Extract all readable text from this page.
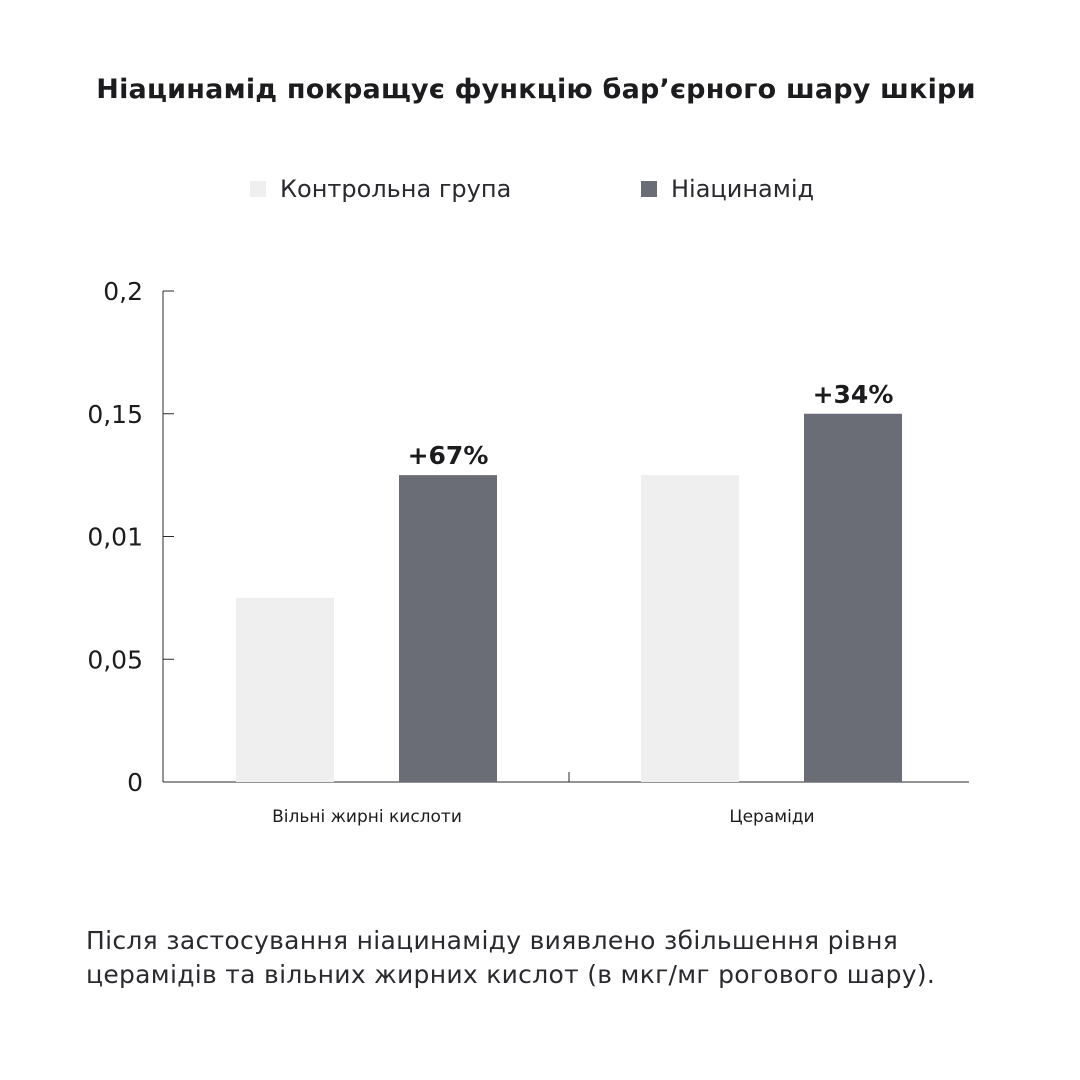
Ніацинамід покращує функцію бар’єрного шару шкіри
Контрольна група	Ніацинамід
0
0,05
0,01
0,15
0,2
+67%
+34%
Вільні жирні кислоти	Цераміди
Після застосування ніацинаміду виявлено збільшення рівня церамідів та вільних жирних кислот (в мкг/мг рогового шару).
